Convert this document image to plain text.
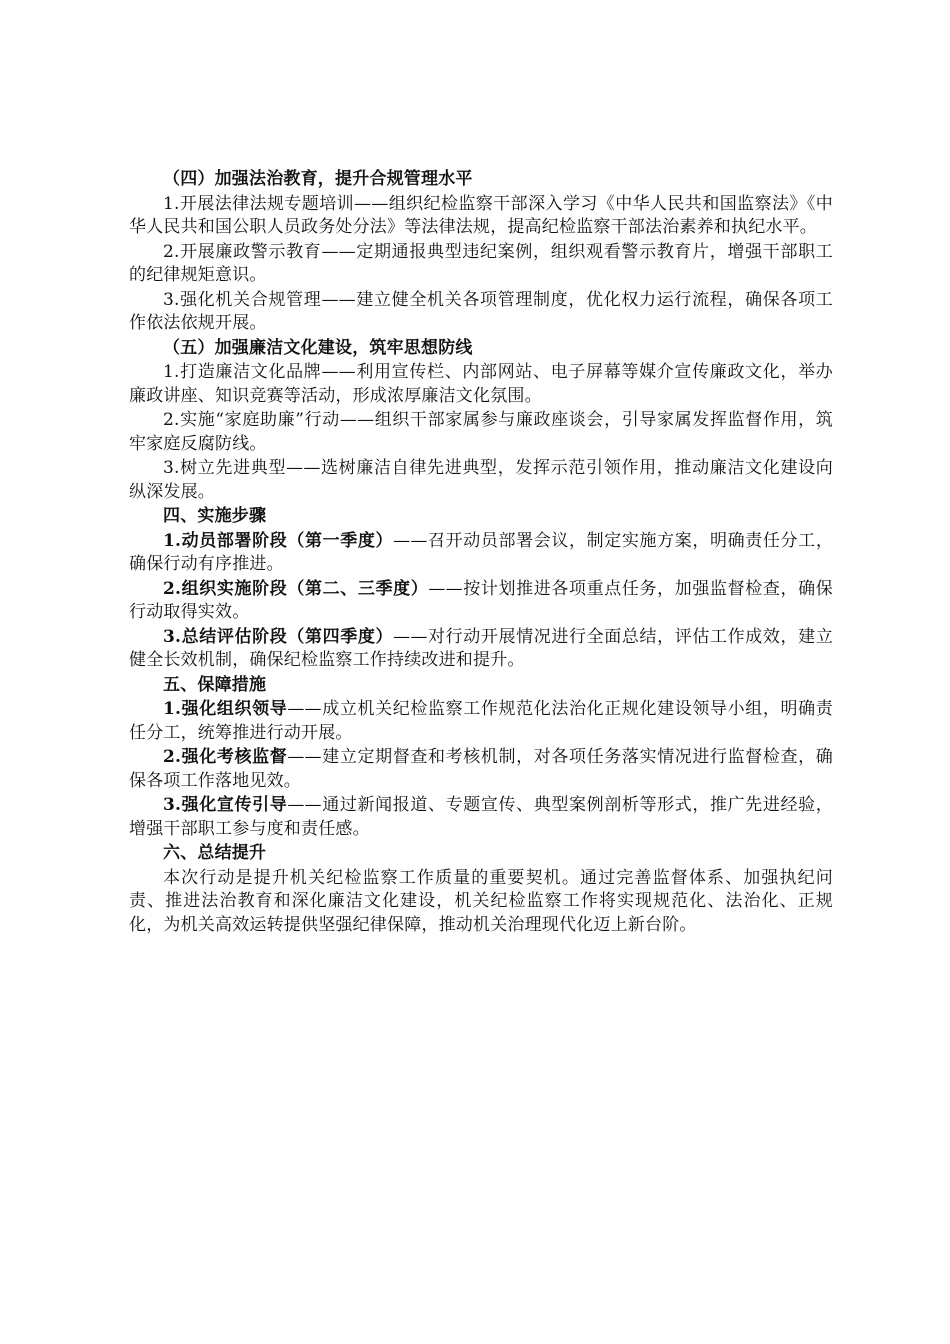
（四）加强法治教育，提升合规管理水平

1.开展法律法规专题培训——组织纪检监察干部深入学习《中华人民共和国监察法》《中华人民共和国公职人员政务处分法》等法律法规，提高纪检监察干部法治素养和执纪水平。

2.开展廉政警示教育——定期通报典型违纪案例，组织观看警示教育片，增强干部职工的纪律规矩意识。

3.强化机关合规管理——建立健全机关各项管理制度，优化权力运行流程，确保各项工作依法依规开展。

（五）加强廉洁文化建设，筑牢思想防线

1.打造廉洁文化品牌——利用宣传栏、内部网站、电子屏幕等媒介宣传廉政文化，举办廉政讲座、知识竞赛等活动，形成浓厚廉洁文化氛围。

2.实施“家庭助廉”行动——组织干部家属参与廉政座谈会，引导家属发挥监督作用，筑牢家庭反腐防线。

3.树立先进典型——选树廉洁自律先进典型，发挥示范引领作用，推动廉洁文化建设向纵深发展。

四、实施步骤

1.动员部署阶段（第一季度）——召开动员部署会议，制定实施方案，明确责任分工，确保行动有序推进。

2.组织实施阶段（第二、三季度）——按计划推进各项重点任务，加强监督检查，确保行动取得实效。

3.总结评估阶段（第四季度）——对行动开展情况进行全面总结，评估工作成效，建立健全长效机制，确保纪检监察工作持续改进和提升。

五、保障措施

1.强化组织领导——成立机关纪检监察工作规范化法治化正规化建设领导小组，明确责任分工，统筹推进行动开展。

2.强化考核监督——建立定期督查和考核机制，对各项任务落实情况进行监督检查，确保各项工作落地见效。

3.强化宣传引导——通过新闻报道、专题宣传、典型案例剖析等形式，推广先进经验，增强干部职工参与度和责任感。

六、总结提升

本次行动是提升机关纪检监察工作质量的重要契机。通过完善监督体系、加强执纪问责、推进法治教育和深化廉洁文化建设，机关纪检监察工作将实现规范化、法治化、正规化，为机关高效运转提供坚强纪律保障，推动机关治理现代化迈上新台阶。
